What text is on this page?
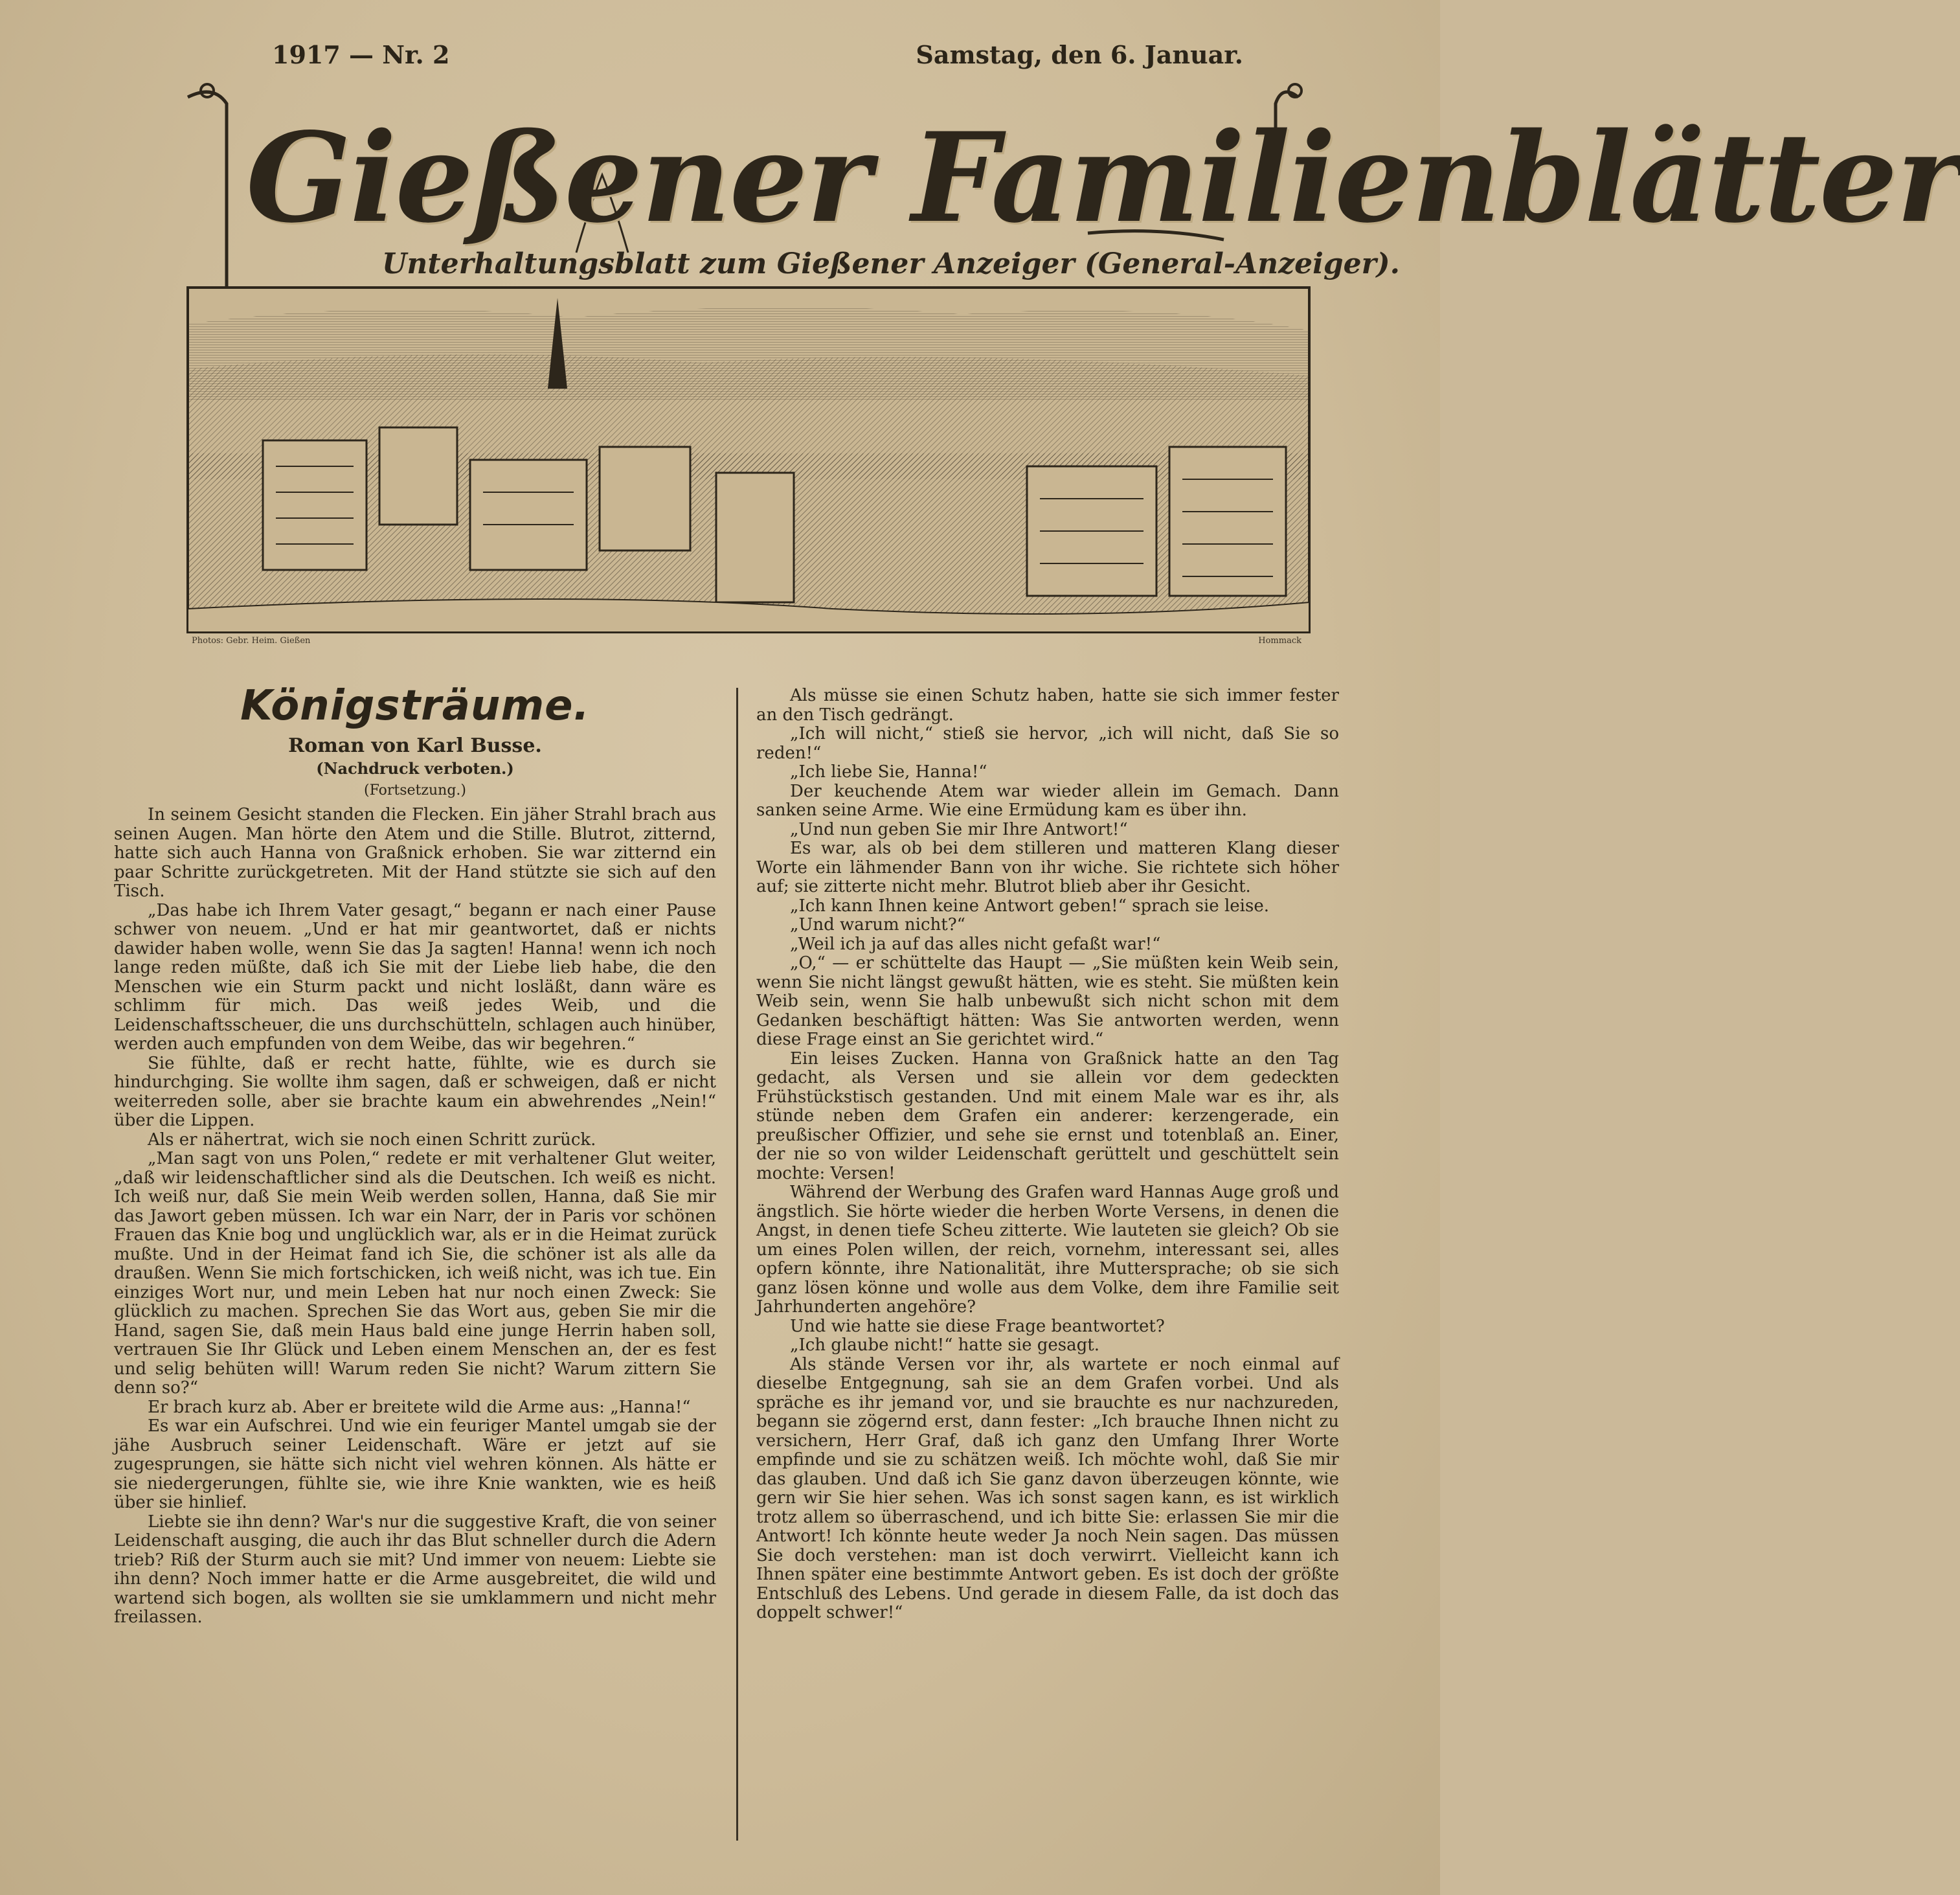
1917 — Nr. 2	Samstag, den 6. Januar.
Gießener Familienblätter
Unterhaltungsblatt zum Gießener Anzeiger (General-Anzeiger).
Photos: Gebr. Heim. Gießen	Hommack
Königsträume.
Roman von Karl Busse.
(Nachdruck verboten.)
(Fortsetzung.)

In seinem Gesicht standen die Flecken. Ein jäher Strahl brach aus seinen Augen. Man hörte den Atem und die Stille. Blutrot, zitternd, hatte sich auch Hanna von Graßnick erhoben. Sie war zitternd ein paar Schritte zurückgetreten. Mit der Hand stützte sie sich auf den Tisch.

„Das habe ich Ihrem Vater gesagt,“ begann er nach einer Pause schwer von neuem. „Und er hat mir geantwortet, daß er nichts dawider haben wolle, wenn Sie das Ja sagten! Hanna! wenn ich noch lange reden müßte, daß ich Sie mit der Liebe lieb habe, die den Menschen wie ein Sturm packt und nicht losläßt, dann wäre es schlimm für mich. Das weiß jedes Weib, und die Leidenschaftsscheuer, die uns durchschütteln, schlagen auch hinüber, werden auch empfunden von dem Weibe, das wir begehren.“

Sie fühlte, daß er recht hatte, fühlte, wie es durch sie hindurchging. Sie wollte ihm sagen, daß er schweigen, daß er nicht weiterreden solle, aber sie brachte kaum ein abwehrendes „Nein!“ über die Lippen.

Als er nähertrat, wich sie noch einen Schritt zurück.

„Man sagt von uns Polen,“ redete er mit verhaltener Glut weiter, „daß wir leidenschaftlicher sind als die Deutschen. Ich weiß es nicht. Ich weiß nur, daß Sie mein Weib werden sollen, Hanna, daß Sie mir das Jawort geben müssen. Ich war ein Narr, der in Paris vor schönen Frauen das Knie bog und unglücklich war, als er in die Heimat zurück mußte. Und in der Heimat fand ich Sie, die schöner ist als alle da draußen. Wenn Sie mich fortschicken, ich weiß nicht, was ich tue. Ein einziges Wort nur, und mein Leben hat nur noch einen Zweck: Sie glücklich zu machen. Sprechen Sie das Wort aus, geben Sie mir die Hand, sagen Sie, daß mein Haus bald eine junge Herrin haben soll, vertrauen Sie Ihr Glück und Leben einem Menschen an, der es fest und selig behüten will! Warum reden Sie nicht? Warum zittern Sie denn so?“

Er brach kurz ab. Aber er breitete wild die Arme aus: „Hanna!“

Es war ein Aufschrei. Und wie ein feuriger Mantel umgab sie der jähe Ausbruch seiner Leidenschaft. Wäre er jetzt auf sie zugesprungen, sie hätte sich nicht viel wehren können. Als hätte er sie niedergerungen, fühlte sie, wie ihre Knie wankten, wie es heiß über sie hinlief.

Liebte sie ihn denn? War's nur die suggestive Kraft, die von seiner Leidenschaft ausging, die auch ihr das Blut schneller durch die Adern trieb? Riß der Sturm auch sie mit? Und immer von neuem: Liebte sie ihn denn? Noch immer hatte er die Arme ausgebreitet, die wild und wartend sich bogen, als wollten sie sie umklammern und nicht mehr freilassen.

Als müsse sie einen Schutz haben, hatte sie sich immer fester an den Tisch gedrängt.

„Ich will nicht,“ stieß sie hervor, „ich will nicht, daß Sie so reden!“

„Ich liebe Sie, Hanna!“

Der keuchende Atem war wieder allein im Gemach. Dann sanken seine Arme. Wie eine Ermüdung kam es über ihn.

„Und nun geben Sie mir Ihre Antwort!“

Es war, als ob bei dem stilleren und matteren Klang dieser Worte ein lähmender Bann von ihr wiche. Sie richtete sich höher auf; sie zitterte nicht mehr. Blutrot blieb aber ihr Gesicht.

„Ich kann Ihnen keine Antwort geben!“ sprach sie leise.

„Und warum nicht?“

„Weil ich ja auf das alles nicht gefaßt war!“

„O,“ — er schüttelte das Haupt — „Sie müßten kein Weib sein, wenn Sie nicht längst gewußt hätten, wie es steht. Sie müßten kein Weib sein, wenn Sie halb unbewußt sich nicht schon mit dem Gedanken beschäftigt hätten: Was Sie antworten werden, wenn diese Frage einst an Sie gerichtet wird.“

Ein leises Zucken. Hanna von Graßnick hatte an den Tag gedacht, als Versen und sie allein vor dem gedeckten Frühstückstisch gestanden. Und mit einem Male war es ihr, als stünde neben dem Grafen ein anderer: kerzengerade, ein preußischer Offizier, und sehe sie ernst und totenblaß an. Einer, der nie so von wilder Leidenschaft gerüttelt und geschüttelt sein mochte: Versen!

Während der Werbung des Grafen ward Hannas Auge groß und ängstlich. Sie hörte wieder die herben Worte Versens, in denen die Angst, in denen tiefe Scheu zitterte. Wie lauteten sie gleich? Ob sie um eines Polen willen, der reich, vornehm, interessant sei, alles opfern könnte, ihre Nationalität, ihre Muttersprache; ob sie sich ganz lösen könne und wolle aus dem Volke, dem ihre Familie seit Jahrhunderten angehöre?

Und wie hatte sie diese Frage beantwortet?

„Ich glaube nicht!“ hatte sie gesagt.

Als stände Versen vor ihr, als wartete er noch einmal auf dieselbe Entgegnung, sah sie an dem Grafen vorbei. Und als spräche es ihr jemand vor, und sie brauchte es nur nachzureden, begann sie zögernd erst, dann fester: „Ich brauche Ihnen nicht zu versichern, Herr Graf, daß ich ganz den Umfang Ihrer Worte empfinde und sie zu schätzen weiß. Ich möchte wohl, daß Sie mir das glauben. Und daß ich Sie ganz davon überzeugen könnte, wie gern wir Sie hier sehen. Was ich sonst sagen kann, es ist wirklich trotz allem so überraschend, und ich bitte Sie: erlassen Sie mir die Antwort! Ich könnte heute weder Ja noch Nein sagen. Das müssen Sie doch verstehen: man ist doch verwirrt. Vielleicht kann ich Ihnen später eine bestimmte Antwort geben. Es ist doch der größte Entschluß des Lebens. Und gerade in diesem Falle, da ist doch das doppelt schwer!“
